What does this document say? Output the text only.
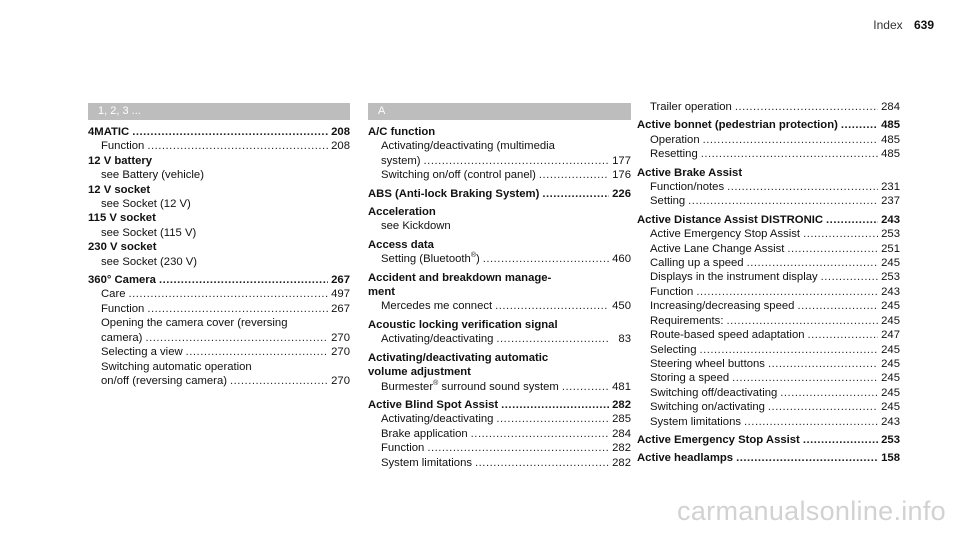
Index 639
1, 2, 3 ...
4MATIC .....	208
Function .....	208
12 V battery
see Battery (vehicle)
12 V socket
see Socket (12 V)
115 V socket
see Socket (115 V)
230 V socket
see Socket (230 V)
360° Camera .....	267
Care .....	497
Function .....	267
Opening the camera cover (reversing
camera) .....	270
Selecting a view .....	270
Switching automatic operation
on/off (reversing camera) .....	270
A
A/C function
Activating/deactivating (multimedia
system) .....	177
Switching on/off (control panel) .....	176
ABS (Anti-lock Braking System) .....	226
Acceleration
see Kickdown
Access data
Setting (Bluetooth®) .....	460
Accident and breakdown manage-
ment
Mercedes me connect .....	450
Acoustic locking verification signal
Activating/deactivating .....	83
Activating/deactivating automatic
volume adjustment
Burmester® surround sound system .....	481
Active Blind Spot Assist .....	282
Activating/deactivating .....	285
Brake application .....	284
Function .....	282
System limitations .....	282
Trailer operation .....	284
Active bonnet (pedestrian protection) .....	485
Operation .....	485
Resetting .....	485
Active Brake Assist
Function/notes .....	231
Setting .....	237
Active Distance Assist DISTRONIC .....	243
Active Emergency Stop Assist .....	253
Active Lane Change Assist .....	251
Calling up a speed .....	245
Displays in the instrument display .....	253
Function .....	243
Increasing/decreasing speed .....	245
Requirements: .....	245
Route-based speed adaptation .....	247
Selecting .....	245
Steering wheel buttons .....	245
Storing a speed .....	245
Switching off/deactivating .....	245
Switching on/activating .....	245
System limitations .....	243
Active Emergency Stop Assist .....	253
Active headlamps .....	158
carmanualsonline.info
